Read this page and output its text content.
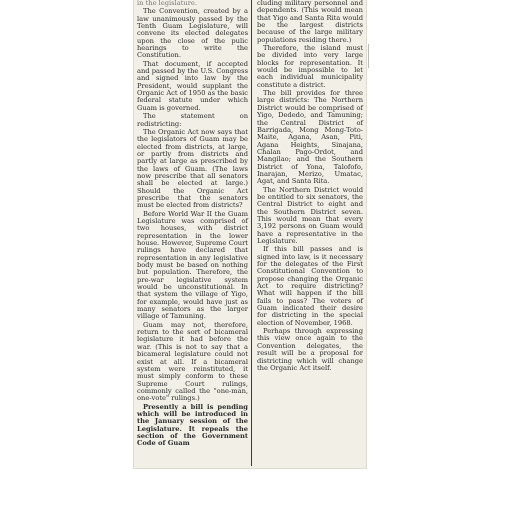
in the legislature.

The Convention, created by a law unanimously passed by the Tenth Guam Legislature, will convene its elected delegates upon the close of the pulic hearings to write the Constitution.

That document, if accepted and passed by the U.S. Congress and signed into law by the President, would supplant the Organic Act of 1950 as the basic federal statute under which Guam is governed.

The statement on redistricting:

The Organic Act now says that the legislators of Guam may be elected from districts, at large, or partly from districts and partly at large as prescribed by the laws of Guam. (The laws now prescribe that all senators shall be elected at large.) Should the Organic Act prescribe that the senators must be elected from districts?

Before World War II the Guam Legislature was comprised of two houses, with district representation in the lower house. However, Supreme Court rulings have declared that representation in any legislative body must be based on nothing but population. Therefore, the pre-war legislative system would be unconstitutional. In that system the village of Yigo, for example, would have just as many senators as the larger village of Tamuning.

Guam may not, therefore, return to the sort of bicameral legislature it had before the war. (This is not to say that a bicameral legislature could not exist at all. If a bicameral system were reinstituted, it must simply conform to these Supreme Court rulings, commonly called the "one-man, one-vote" rulings.)

Presently a bill is pending which will be introduced in the January session of the Legislature. It repeals the section of the Government Code of Guam

cluding military personnel and dependents. (This would mean that Yigo and Santa Rita would be the largest districts because of the large military populations residing there.)

Therefore, the island must be divided into very large blocks for representation. It would be impossible to let each individual municipality constitute a district.

The bill provides for three large districts: The Northern District would be comprised of Yigo, Dededo, and Tamuning; the Central District of Barrigada, Mong Mong-Toto-Maite, Agana, Asan, Piti, Agana Heights, Sinajana, Chalan Pago-Ordot, and Mangilao; and the Southern District of Yona, Talofofo, Inarajan, Merizo, Umatac, Agat, and Santa Rita.

The Northern District would be entitled to six senators, the Central District to eight and the Southern District seven. This would mean that every 3,192 persons on Guam would have a representative in the Legislature.

If this bill passes and is signed into law, is it necessary for the delegates of the First Constitutional Convention to propose changing the Organic Act to require districting? What will happen if the bill fails to pass? The voters of Guam indicated their desire for districting in the special election of November, 1968.

Perhaps through expressing this view once again to the Convention delegates, the result will be a proposal for districting which will change the Organic Act itself.
